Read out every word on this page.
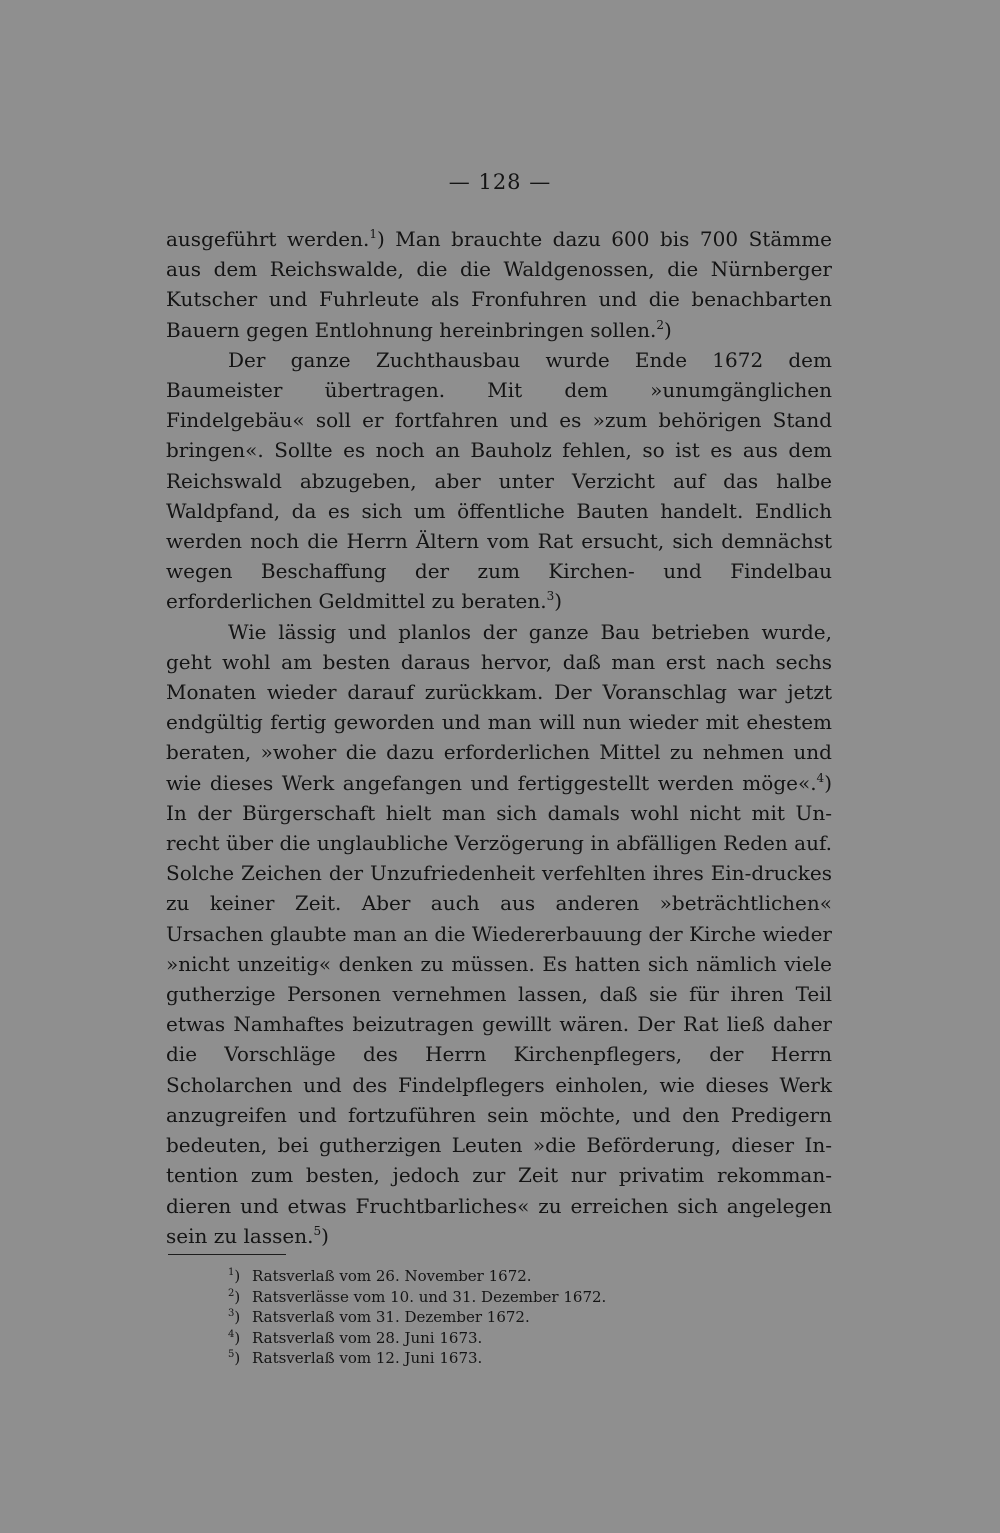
— 128 —

ausgeführt werden.$^1$) Man brauchte dazu 600 bis 700 Stämme aus dem Reichswalde, die die Waldgenossen, die Nürnberger Kutscher und Fuhrleute als Fronfuhren und die benachbarten Bauern gegen Entlohnung hereinbringen sollen.$^2$)

Der ganze Zuchthausbau wurde Ende 1672 dem Baumeister übertragen. Mit dem »unumgänglichen Findelgebäu« soll er fortfahren und es »zum behörigen Stand bringen«. Sollte es noch an Bauholz fehlen, so ist es aus dem Reichswald abzugeben, aber unter Verzicht auf das halbe Waldpfand, da es sich um öffentliche Bauten handelt. Endlich werden noch die Herrn Ältern vom Rat ersucht, sich demnächst wegen Beschaffung der zum Kirchen- und Findelbau erforderlichen Geldmittel zu beraten.$^3$)

Wie lässig und planlos der ganze Bau betrieben wurde, geht wohl am besten daraus hervor, daß man erst nach sechs Monaten wieder darauf zurückkam. Der Voranschlag war jetzt endgültig fertig geworden und man will nun wieder mit ehestem beraten, »woher die dazu erforderlichen Mittel zu nehmen und wie dieses Werk angefangen und fertiggestellt werden möge«.$^4$) In der Bürgerschaft hielt man sich damals wohl nicht mit Un-recht über die unglaubliche Verzögerung in abfälligen Reden auf. Solche Zeichen der Unzufriedenheit verfehlten ihres Ein-druckes zu keiner Zeit. Aber auch aus anderen »beträchtlichen« Ursachen glaubte man an die Wiedererbauung der Kirche wieder »nicht unzeitig« denken zu müssen. Es hatten sich nämlich viele gutherzige Personen vernehmen lassen, daß sie für ihren Teil etwas Namhaftes beizutragen gewillt wären. Der Rat ließ daher die Vorschläge des Herrn Kirchenpflegers, der Herrn Scholarchen und des Findelpflegers einholen, wie dieses Werk anzugreifen und fortzuführen sein möchte, und den Predigern bedeuten, bei gutherzigen Leuten »die Beförderung, dieser In-tention zum besten, jedoch zur Zeit nur privatim rekomman-dieren und etwas Fruchtbarliches« zu erreichen sich angelegen sein zu lassen.$^5$)

$^1$) Ratsverlaß vom 26. November 1672.
$^2$) Ratsverlässe vom 10. und 31. Dezember 1672.
$^3$) Ratsverlaß vom 31. Dezember 1672.
$^4$) Ratsverlaß vom 28. Juni 1673.
$^5$) Ratsverlaß vom 12. Juni 1673.
